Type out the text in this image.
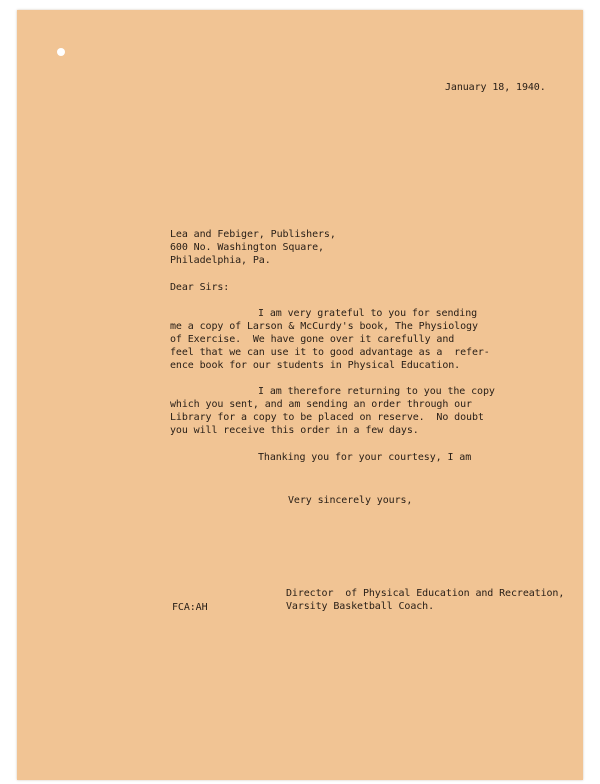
January 18, 1940.
Lea and Febiger, Publishers,
600 No. Washington Square,
Philadelphia, Pa.
Dear Sirs:
I am very grateful to you for sending
me a copy of Larson & McCurdy's book, The Physiology
of Exercise.  We have gone over it carefully and
feel that we can use it to good advantage as a  refer-
ence book for our students in Physical Education.
I am therefore returning to you the copy
which you sent, and am sending an order through our
Library for a copy to be placed on reserve.  No doubt
you will receive this order in a few days.
Thanking you for your courtesy, I am
Very sincerely yours,
Director  of Physical Education and Recreation,
Varsity Basketball Coach.
FCA:AH
